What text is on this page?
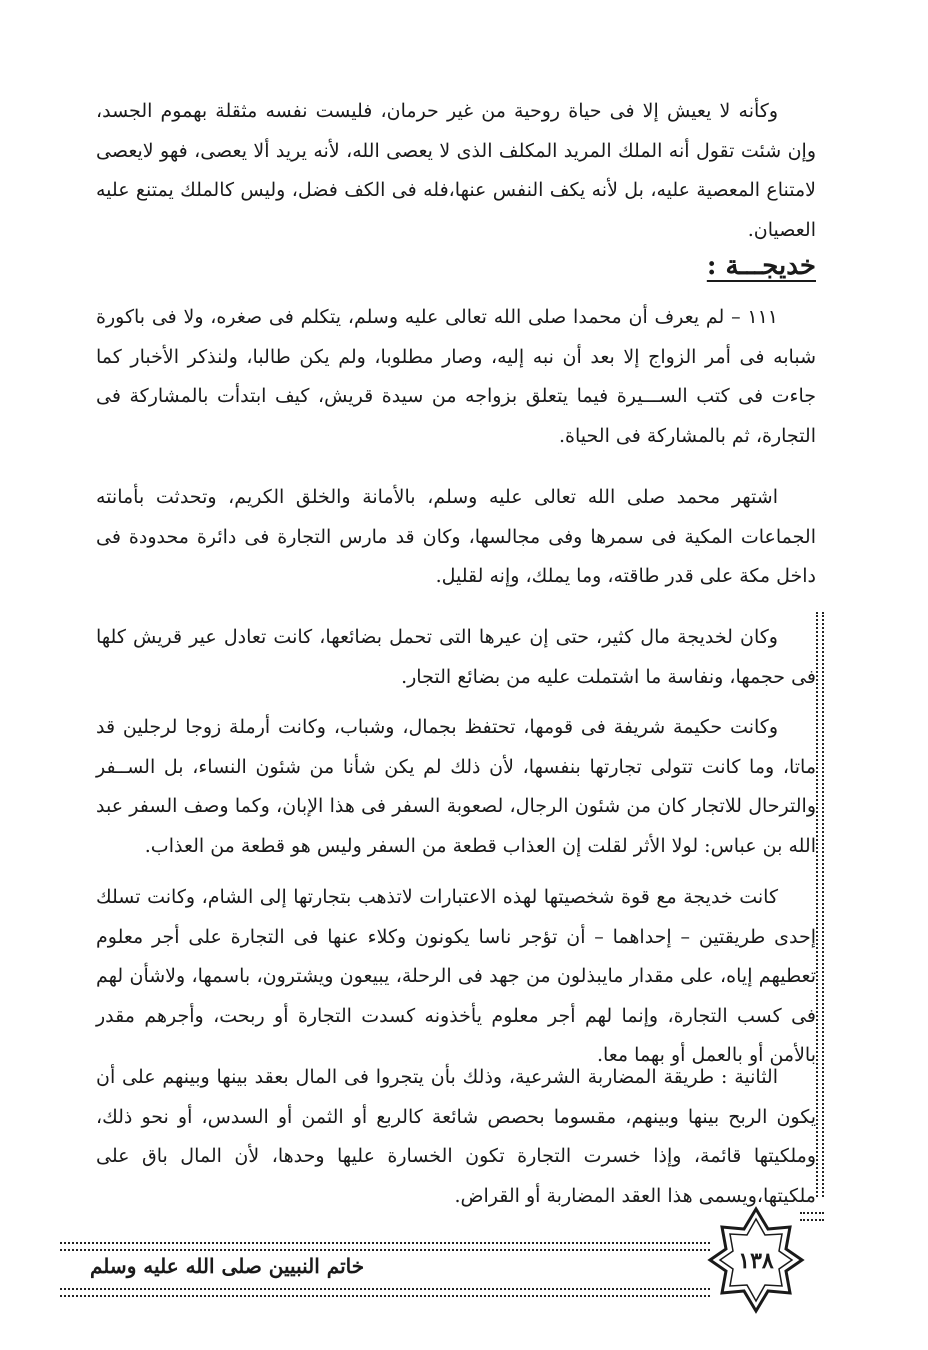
وكأنه لا يعيش إلا فى حياة روحية من غير حرمان، فليست نفسه مثقلة بهموم الجسد، وإن شئت تقول أنه الملك المريد المكلف الذى لا يعصى الله، لأنه يريد ألا يعصى، فهو لايعصى لامتناع المعصية عليه، بل لأنه يكف النفس عنها،فله فى الكف فضل، وليس كالملك يمتنع عليه العصيان.

خديجـــة :

١١١ – لم يعرف أن محمدا صلى الله تعالى عليه وسلم، يتكلم فى صغره، ولا فى باكورة شبابه فى أمر الزواج إلا بعد أن نبه إليه، وصار مطلوبا، ولم يكن طالبا، ولنذكر الأخبار كما جاءت فى كتب الســـيرة فيما يتعلق بزواجه من سيدة قريش، كيف ابتدأت بالمشاركة فى التجارة، ثم بالمشاركة فى الحياة.

اشتهر محمد صلى الله تعالى عليه وسلم، بالأمانة والخلق الكريم، وتحدثت بأمانته الجماعات المكية فى سمرها وفى مجالسها، وكان قد مارس التجارة فى دائرة محدودة فى داخل مكة على قدر طاقته، وما يملك، وإنه لقليل.

وكان لخديجة مال كثير، حتى إن عيرها التى تحمل بضائعها، كانت تعادل عير قريش كلها فى حجمها، ونفاسة ما اشتملت عليه من بضائع التجار.

وكانت حكيمة شريفة فى قومها، تحتفظ بجمال، وشباب، وكانت أرملة زوجا لرجلين قد ماتا، وما كانت تتولى تجارتها بنفسها، لأن ذلك لم يكن شأنا من شئون النساء، بل الســفر والترحال للاتجار كان من شئون الرجال، لصعوبة السفر فى هذا الإبان، وكما وصف السفر عبد الله بن عباس: لولا الأثر لقلت إن العذاب قطعة من السفر وليس هو قطعة من العذاب.

كانت خديجة مع قوة شخصيتها لهذه الاعتبارات لاتذهب بتجارتها إلى الشام، وكانت تسلك إحدى طريقتين – إحداهما – أن تؤجر ناسا يكونون وكلاء عنها فى التجارة على أجر معلوم تعطيهم إياه، على مقدار مايبذلون من جهد فى الرحلة، يبيعون ويشترون، باسمها، ولاشأن لهم فى كسب التجارة، وإنما لهم أجر معلوم يأخذونه كسدت التجارة أو ربحت، وأجرهم مقدر بالأمن أو بالعمل أو بهما معا.

الثانية : طريقة المضاربة الشرعية، وذلك بأن يتجروا فى المال بعقد بينها وبينهم على أن يكون الربح بينها وبينهم، مقسوما بحصص شائعة كالربع أو الثمن أو السدس، أو نحو ذلك، وملكيتها قائمة، وإذا خسرت التجارة تكون الخسارة عليها وحدها، لأن المال باق على ملكيتها،ويسمى هذا العقد المضاربة أو القراض.

خاتم النبيين صلى الله عليه وسلم	١٣٨
